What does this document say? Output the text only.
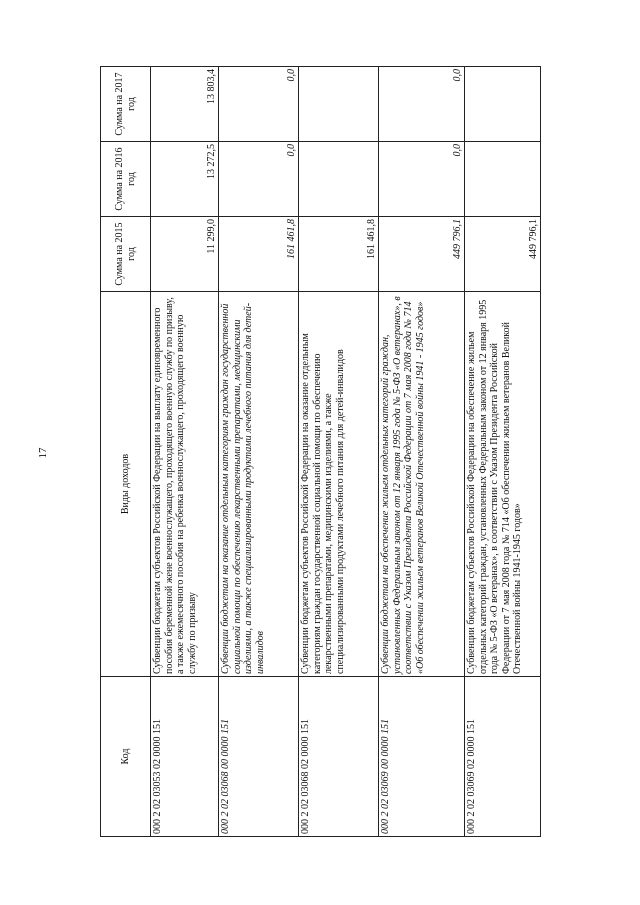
17
Код	Виды доходов	Сумма на 2015 год	Сумма на 2016 год	Сумма на 2017 год
000 2 02 03053 02 0000 151	Субвенции бюджетам субъектов Российской Федерации на выплату единовременного пособия беременной жене военнослужащего, проходящего военную службу по призыву, а также ежемесячного пособия на ребенка военнослужащего, проходящего военную службу по призыву	11 299,0	13 272,5	13 803,4
000 2 02 03068 00 0000 151	Субвенции бюджетам на оказание отдельным категориям граждан государственной социальной помощи по обеспечению лекарственными препаратами, медицинскими изделиями, а также специализированными продуктами лечебного питания для детей-инвалидов	161 461,8	0,0	0,0
000 2 02 03068 02 0000 151	Субвенции бюджетам субъектов Российской Федерации на оказание отдельным категориям граждан государственной социальной помощи по обеспечению лекарственными препаратами, медицинскими изделиями, а также специализированными продуктами лечебного питания для детей-инвалидов	161 461,8		
000 2 02 03069 00 0000 151	Субвенции бюджетам на обеспечение жильем отдельных категорий граждан, установленных Федеральным законом от 12 января 1995 года № 5-ФЗ «О ветеранах», в соответствии с Указом Президента Российской Федерации от 7 мая 2008 года № 714 «Об обеспечении жильем ветеранов Великой Отечественной войны 1941 - 1945 годов»	449 796,1	0,0	0,0
000 2 02 03069 02 0000 151	Субвенции бюджетам субъектов Российской Федерации на обеспечение жильем отдельных категорий граждан, установленных Федеральным законом от 12 января 1995 года № 5-ФЗ «О ветеранах», в соответствии с Указом Президента Российской Федерации от 7 мая 2008 года № 714 «Об обеспечении жильем ветеранов Великой Отечественной войны 1941-1945 годов»	449 796,1		
